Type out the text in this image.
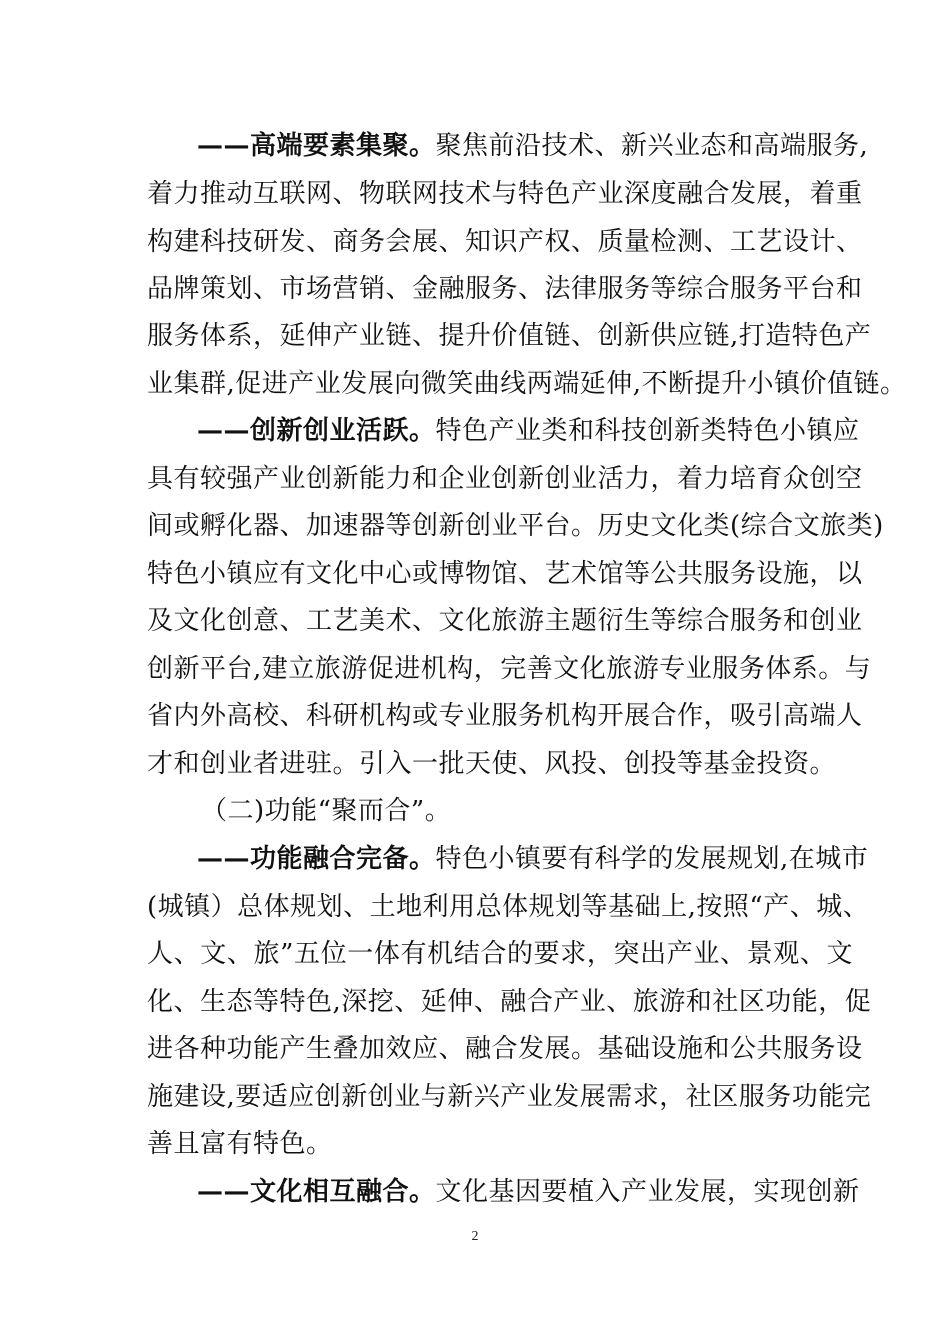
——高端要素集聚。聚焦前沿技术、新兴业态和高端服务,
着力推动互联网、物联网技术与特色产业深度融合发展，着重
构建科技研发、商务会展、知识产权、质量检测、工艺设计、
品牌策划、市场营销、金融服务、法律服务等综合服务平台和
服务体系，延伸产业链、提升价值链、创新供应链,打造特色产
业集群,促进产业发展向微笑曲线两端延伸,不断提升小镇价值链。
——创新创业活跃。特色产业类和科技创新类特色小镇应
具有较强产业创新能力和企业创新创业活力，着力培育众创空
间或孵化器、加速器等创新创业平台。历史文化类(综合文旅类)
特色小镇应有文化中心或博物馆、艺术馆等公共服务设施，以
及文化创意、工艺美术、文化旅游主题衍生等综合服务和创业
创新平台,建立旅游促进机构，完善文化旅游专业服务体系。与
省内外高校、科研机构或专业服务机构开展合作，吸引高端人
才和创业者进驻。引入一批天使、风投、创投等基金投资。
（二)功能“聚而合”。
——功能融合完备。特色小镇要有科学的发展规划,在城市
(城镇）总体规划、土地利用总体规划等基础上,按照“产、城、
人、文、旅”五位一体有机结合的要求，突出产业、景观、文
化、生态等特色,深挖、延伸、融合产业、旅游和社区功能，促
进各种功能产生叠加效应、融合发展。基础设施和公共服务设
施建设,要适应创新创业与新兴产业发展需求，社区服务功能完
善且富有特色。
——文化相互融合。文化基因要植入产业发展，实现创新
2
